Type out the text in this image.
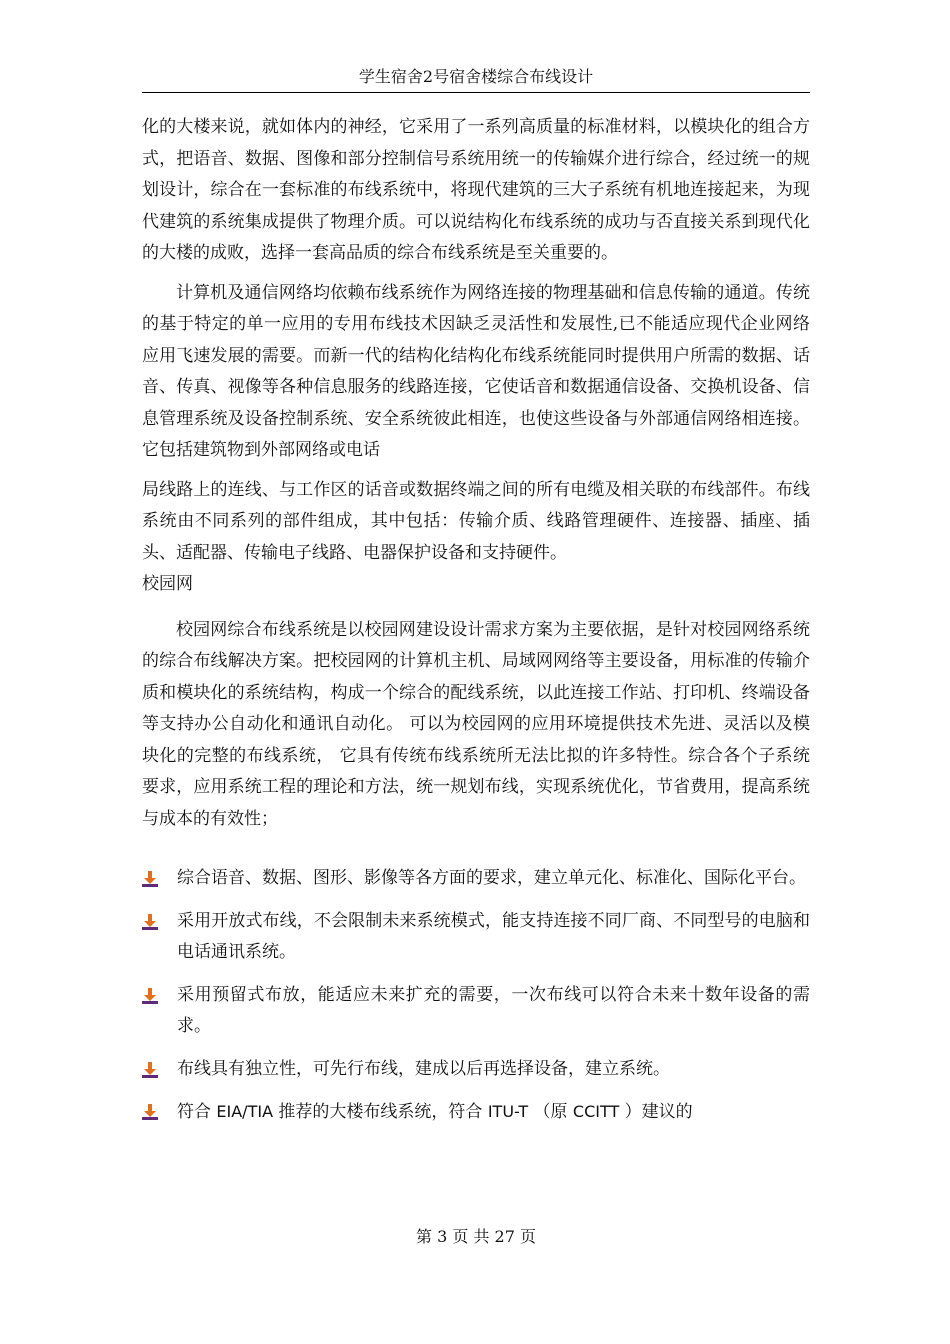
学生宿舍2号宿舍楼综合布线设计

化的大楼来说，就如体内的神经，它采用了一系列高质量的标准材料，以模块化的组合方式，把语音、数据、图像和部分控制信号系统用统一的传输媒介进行综合，经过统一的规划设计，综合在一套标准的布线系统中，将现代建筑的三大子系统有机地连接起来，为现代建筑的系统集成提供了物理介质。可以说结构化布线系统的成功与否直接关系到现代化的大楼的成败，选择一套高品质的综合布线系统是至关重要的。

计算机及通信网络均依赖布线系统作为网络连接的物理基础和信息传输的通道。传统的基于特定的单一应用的专用布线技术因缺乏灵活性和发展性,已不能适应现代企业网络应用飞速发展的需要。而新一代的结构化结构化布线系统能同时提供用户所需的数据、话音、传真、视像等各种信息服务的线路连接，它使话音和数据通信设备、交换机设备、信息管理系统及设备控制系统、安全系统彼此相连，也使这些设备与外部通信网络相连接。它包括建筑物到外部网络或电话

局线路上的连线、与工作区的话音或数据终端之间的所有电缆及相关联的布线部件。布线系统由不同系列的部件组成，其中包括：传输介质、线路管理硬件、连接器、插座、插头、适配器、传输电子线路、电器保护设备和支持硬件。

校园网

校园网综合布线系统是以校园网建设设计需求方案为主要依据，是针对校园网络系统的综合布线解决方案。把校园网的计算机主机、局域网网络等主要设备，用标准的传输介质和模块化的系统结构，构成一个综合的配线系统，以此连接工作站、打印机、终端设备等支持办公自动化和通讯自动化。 可以为校园网的应用环境提供技术先进、灵活以及模块化的完整的布线系统， 它具有传统布线系统所无法比拟的许多特性。综合各个子系统要求，应用系统工程的理论和方法，统一规划布线，实现系统优化，节省费用，提高系统与成本的有效性；

综合语音、数据、图形、影像等各方面的要求，建立单元化、标准化、国际化平台。
采用开放式布线，不会限制未来系统模式，能支持连接不同厂商、不同型号的电脑和电话通讯系统。
采用预留式布放，能适应未来扩充的需要，一次布线可以符合未来十数年设备的需求。
布线具有独立性，可先行布线，建成以后再选择设备，建立系统。
符合 EIA/TIA 推荐的大楼布线系统，符合 ITU-T （原 CCITT ）建议的
第 3 页 共 27 页
